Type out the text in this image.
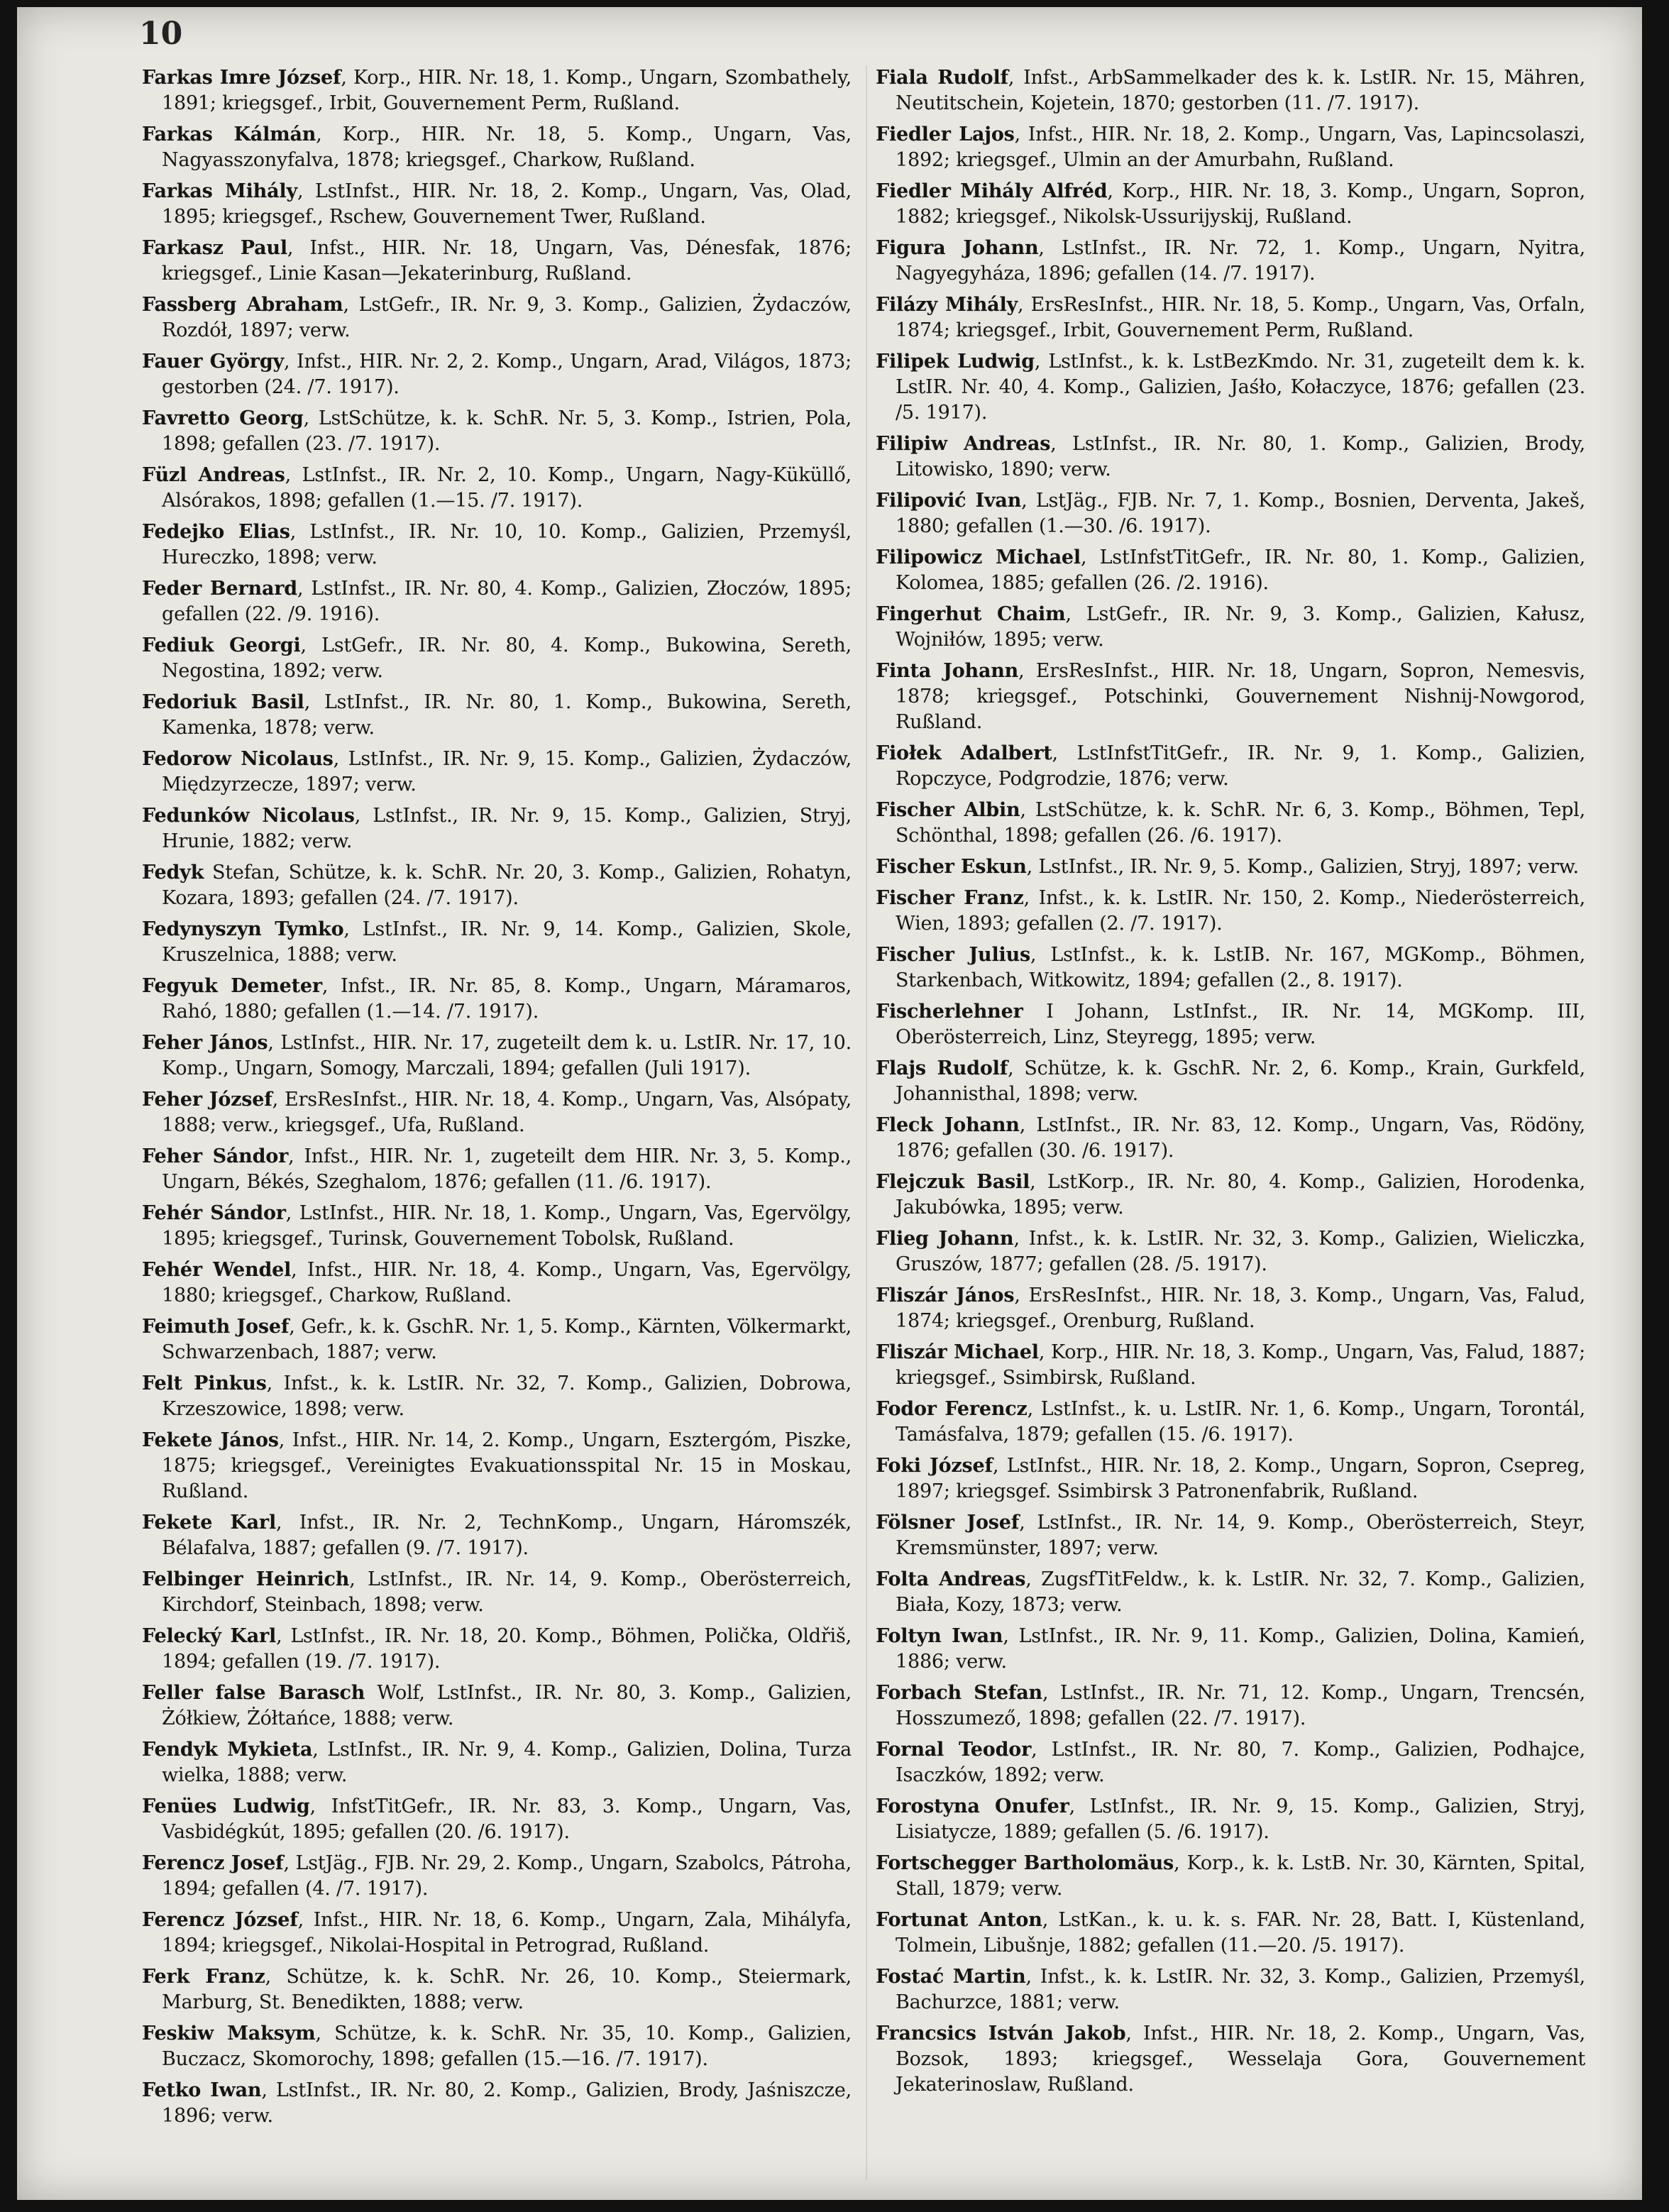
10

Farkas Imre József, Korp., HIR. Nr. 18, 1. Komp., Ungarn, Szombathely, 1891; kriegsgef., Irbit, Gouvernement Perm, Rußland.

Farkas Kálmán, Korp., HIR. Nr. 18, 5. Komp., Ungarn, Vas, Nagyasszonyfalva, 1878; kriegsgef., Charkow, Rußland.

Farkas Mihály, LstInfst., HIR. Nr. 18, 2. Komp., Ungarn, Vas, Olad, 1895; kriegsgef., Rschew, Gouvernement Twer, Rußland.

Farkasz Paul, Infst., HIR. Nr. 18, Ungarn, Vas, Dénesfak, 1876; kriegsgef., Linie Kasan—Jekaterinburg, Rußland.

Fassberg Abraham, LstGefr., IR. Nr. 9, 3. Komp., Galizien, Żydaczów, Rozdół, 1897; verw.

Fauer György, Infst., HIR. Nr. 2, 2. Komp., Ungarn, Arad, Világos, 1873; gestorben (24. /7. 1917).

Favretto Georg, LstSchütze, k. k. SchR. Nr. 5, 3. Komp., Istrien, Pola, 1898; gefallen (23. /7. 1917).

Füzl Andreas, LstInfst., IR. Nr. 2, 10. Komp., Ungarn, Nagy-Küküllő, Alsórakos, 1898; gefallen (1.—15. /7. 1917).

Fedejko Elias, LstInfst., IR. Nr. 10, 10. Komp., Galizien, Przemyśl, Hureczko, 1898; verw.

Feder Bernard, LstInfst., IR. Nr. 80, 4. Komp., Galizien, Złoczów, 1895; gefallen (22. /9. 1916).

Fediuk Georgi, LstGefr., IR. Nr. 80, 4. Komp., Bukowina, Sereth, Negostina, 1892; verw.

Fedoriuk Basil, LstInfst., IR. Nr. 80, 1. Komp., Bukowina, Sereth, Kamenka, 1878; verw.

Fedorow Nicolaus, LstInfst., IR. Nr. 9, 15. Komp., Galizien, Żydaczów, Międzyrzecze, 1897; verw.

Fedunków Nicolaus, LstInfst., IR. Nr. 9, 15. Komp., Galizien, Stryj, Hrunie, 1882; verw.

Fedyk Stefan, Schütze, k. k. SchR. Nr. 20, 3. Komp., Galizien, Rohatyn, Kozara, 1893; gefallen (24. /7. 1917).

Fedynyszyn Tymko, LstInfst., IR. Nr. 9, 14. Komp., Galizien, Skole, Kruszelnica, 1888; verw.

Fegyuk Demeter, Infst., IR. Nr. 85, 8. Komp., Ungarn, Máramaros, Rahó, 1880; gefallen (1.—14. /7. 1917).

Feher János, LstInfst., HIR. Nr. 17, zugeteilt dem k. u. LstIR. Nr. 17, 10. Komp., Ungarn, Somogy, Marczali, 1894; gefallen (Juli 1917).

Feher József, ErsResInfst., HIR. Nr. 18, 4. Komp., Ungarn, Vas, Alsópaty, 1888; verw., kriegsgef., Ufa, Rußland.

Feher Sándor, Infst., HIR. Nr. 1, zugeteilt dem HIR. Nr. 3, 5. Komp., Ungarn, Békés, Szeghalom, 1876; gefallen (11. /6. 1917).

Fehér Sándor, LstInfst., HIR. Nr. 18, 1. Komp., Ungarn, Vas, Egervölgy, 1895; kriegsgef., Turinsk, Gouvernement Tobolsk, Rußland.

Fehér Wendel, Infst., HIR. Nr. 18, 4. Komp., Ungarn, Vas, Egervölgy, 1880; kriegsgef., Charkow, Rußland.

Feimuth Josef, Gefr., k. k. GschR. Nr. 1, 5. Komp., Kärnten, Völkermarkt, Schwarzenbach, 1887; verw.

Felt Pinkus, Infst., k. k. LstIR. Nr. 32, 7. Komp., Galizien, Dobrowa, Krzeszowice, 1898; verw.

Fekete János, Infst., HIR. Nr. 14, 2. Komp., Ungarn, Esztergóm, Piszke, 1875; kriegsgef., Vereinigtes Evakuationsspital Nr. 15 in Moskau, Rußland.

Fekete Karl, Infst., IR. Nr. 2, TechnKomp., Ungarn, Háromszék, Bélafalva, 1887; gefallen (9. /7. 1917).

Felbinger Heinrich, LstInfst., IR. Nr. 14, 9. Komp., Oberösterreich, Kirchdorf, Steinbach, 1898; verw.

Felecký Karl, LstInfst., IR. Nr. 18, 20. Komp., Böhmen, Polička, Oldřiš, 1894; gefallen (19. /7. 1917).

Feller false Barasch Wolf, LstInfst., IR. Nr. 80, 3. Komp., Galizien, Żółkiew, Żółtańce, 1888; verw.

Fendyk Mykieta, LstInfst., IR. Nr. 9, 4. Komp., Galizien, Dolina, Turza wielka, 1888; verw.

Fenües Ludwig, InfstTitGefr., IR. Nr. 83, 3. Komp., Ungarn, Vas, Vasbidégkút, 1895; gefallen (20. /6. 1917).

Ferencz Josef, LstJäg., FJB. Nr. 29, 2. Komp., Ungarn, Szabolcs, Pátroha, 1894; gefallen (4. /7. 1917).

Ferencz József, Infst., HIR. Nr. 18, 6. Komp., Ungarn, Zala, Mihályfa, 1894; kriegsgef., Nikolai-Hospital in Petrograd, Rußland.

Ferk Franz, Schütze, k. k. SchR. Nr. 26, 10. Komp., Steiermark, Marburg, St. Benedikten, 1888; verw.

Feskiw Maksym, Schütze, k. k. SchR. Nr. 35, 10. Komp., Galizien, Buczacz, Skomorochy, 1898; gefallen (15.—16. /7. 1917).

Fetko Iwan, LstInfst., IR. Nr. 80, 2. Komp., Galizien, Brody, Jaśniszcze, 1896; verw.

Fiala Rudolf, Infst., ArbSammelkader des k. k. LstIR. Nr. 15, Mähren, Neutitschein, Kojetein, 1870; gestorben (11. /7. 1917).

Fiedler Lajos, Infst., HIR. Nr. 18, 2. Komp., Ungarn, Vas, Lapincsolaszi, 1892; kriegsgef., Ulmin an der Amurbahn, Rußland.

Fiedler Mihály Alfréd, Korp., HIR. Nr. 18, 3. Komp., Ungarn, Sopron, 1882; kriegsgef., Nikolsk-Ussurijyskij, Rußland.

Figura Johann, LstInfst., IR. Nr. 72, 1. Komp., Ungarn, Nyitra, Nagyegyháza, 1896; gefallen (14. /7. 1917).

Filázy Mihály, ErsResInfst., HIR. Nr. 18, 5. Komp., Ungarn, Vas, Orfaln, 1874; kriegsgef., Irbit, Gouvernement Perm, Rußland.

Filipek Ludwig, LstInfst., k. k. LstBezKmdo. Nr. 31, zugeteilt dem k. k. LstIR. Nr. 40, 4. Komp., Galizien, Jaśło, Kołaczyce, 1876; gefallen (23. /5. 1917).

Filipiw Andreas, LstInfst., IR. Nr. 80, 1. Komp., Galizien, Brody, Litowisko, 1890; verw.

Filipović Ivan, LstJäg., FJB. Nr. 7, 1. Komp., Bosnien, Derventa, Jakeš, 1880; gefallen (1.—30. /6. 1917).

Filipowicz Michael, LstInfstTitGefr., IR. Nr. 80, 1. Komp., Galizien, Kolomea, 1885; gefallen (26. /2. 1916).

Fingerhut Chaim, LstGefr., IR. Nr. 9, 3. Komp., Galizien, Kałusz, Wojniłów, 1895; verw.

Finta Johann, ErsResInfst., HIR. Nr. 18, Ungarn, Sopron, Nemesvis, 1878; kriegsgef., Potschinki, Gouvernement Nishnij-Nowgorod, Rußland.

Fiołek Adalbert, LstInfstTitGefr., IR. Nr. 9, 1. Komp., Galizien, Ropczyce, Podgrodzie, 1876; verw.

Fischer Albin, LstSchütze, k. k. SchR. Nr. 6, 3. Komp., Böhmen, Tepl, Schönthal, 1898; gefallen (26. /6. 1917).

Fischer Eskun, LstInfst., IR. Nr. 9, 5. Komp., Galizien, Stryj, 1897; verw.

Fischer Franz, Infst., k. k. LstIR. Nr. 150, 2. Komp., Niederösterreich, Wien, 1893; gefallen (2. /7. 1917).

Fischer Julius, LstInfst., k. k. LstIB. Nr. 167, MGKomp., Böhmen, Starkenbach, Witkowitz, 1894; gefallen (2., 8. 1917).

Fischerlehner I Johann, LstInfst., IR. Nr. 14, MGKomp. III, Oberösterreich, Linz, Steyregg, 1895; verw.

Flajs Rudolf, Schütze, k. k. GschR. Nr. 2, 6. Komp., Krain, Gurkfeld, Johannisthal, 1898; verw.

Fleck Johann, LstInfst., IR. Nr. 83, 12. Komp., Ungarn, Vas, Rödöny, 1876; gefallen (30. /6. 1917).

Flejczuk Basil, LstKorp., IR. Nr. 80, 4. Komp., Galizien, Horodenka, Jakubówka, 1895; verw.

Flieg Johann, Infst., k. k. LstIR. Nr. 32, 3. Komp., Galizien, Wieliczka, Gruszów, 1877; gefallen (28. /5. 1917).

Fliszár János, ErsResInfst., HIR. Nr. 18, 3. Komp., Ungarn, Vas, Falud, 1874; kriegsgef., Orenburg, Rußland.

Fliszár Michael, Korp., HIR. Nr. 18, 3. Komp., Ungarn, Vas, Falud, 1887; kriegsgef., Ssimbirsk, Rußland.

Fodor Ferencz, LstInfst., k. u. LstIR. Nr. 1, 6. Komp., Ungarn, Torontál, Tamásfalva, 1879; gefallen (15. /6. 1917).

Foki József, LstInfst., HIR. Nr. 18, 2. Komp., Ungarn, Sopron, Csepreg, 1897; kriegsgef. Ssimbirsk 3 Patronenfabrik, Rußland.

Fölsner Josef, LstInfst., IR. Nr. 14, 9. Komp., Oberösterreich, Steyr, Kremsmünster, 1897; verw.

Folta Andreas, ZugsfTitFeldw., k. k. LstIR. Nr. 32, 7. Komp., Galizien, Biała, Kozy, 1873; verw.

Foltyn Iwan, LstInfst., IR. Nr. 9, 11. Komp., Galizien, Dolina, Kamień, 1886; verw.

Forbach Stefan, LstInfst., IR. Nr. 71, 12. Komp., Ungarn, Trencsén, Hosszumező, 1898; gefallen (22. /7. 1917).

Fornal Teodor, LstInfst., IR. Nr. 80, 7. Komp., Galizien, Podhajce, Isaczków, 1892; verw.

Forostyna Onufer, LstInfst., IR. Nr. 9, 15. Komp., Galizien, Stryj, Lisiatycze, 1889; gefallen (5. /6. 1917).

Fortschegger Bartholomäus, Korp., k. k. LstB. Nr. 30, Kärnten, Spital, Stall, 1879; verw.

Fortunat Anton, LstKan., k. u. k. s. FAR. Nr. 28, Batt. I, Küstenland, Tolmein, Libušnje, 1882; gefallen (11.—20. /5. 1917).

Fostać Martin, Infst., k. k. LstIR. Nr. 32, 3. Komp., Galizien, Przemyśl, Bachurzce, 1881; verw.

Francsics István Jakob, Infst., HIR. Nr. 18, 2. Komp., Ungarn, Vas, Bozsok, 1893; kriegsgef., Wesselaja Gora, Gouvernement Jekaterinoslaw, Rußland.
